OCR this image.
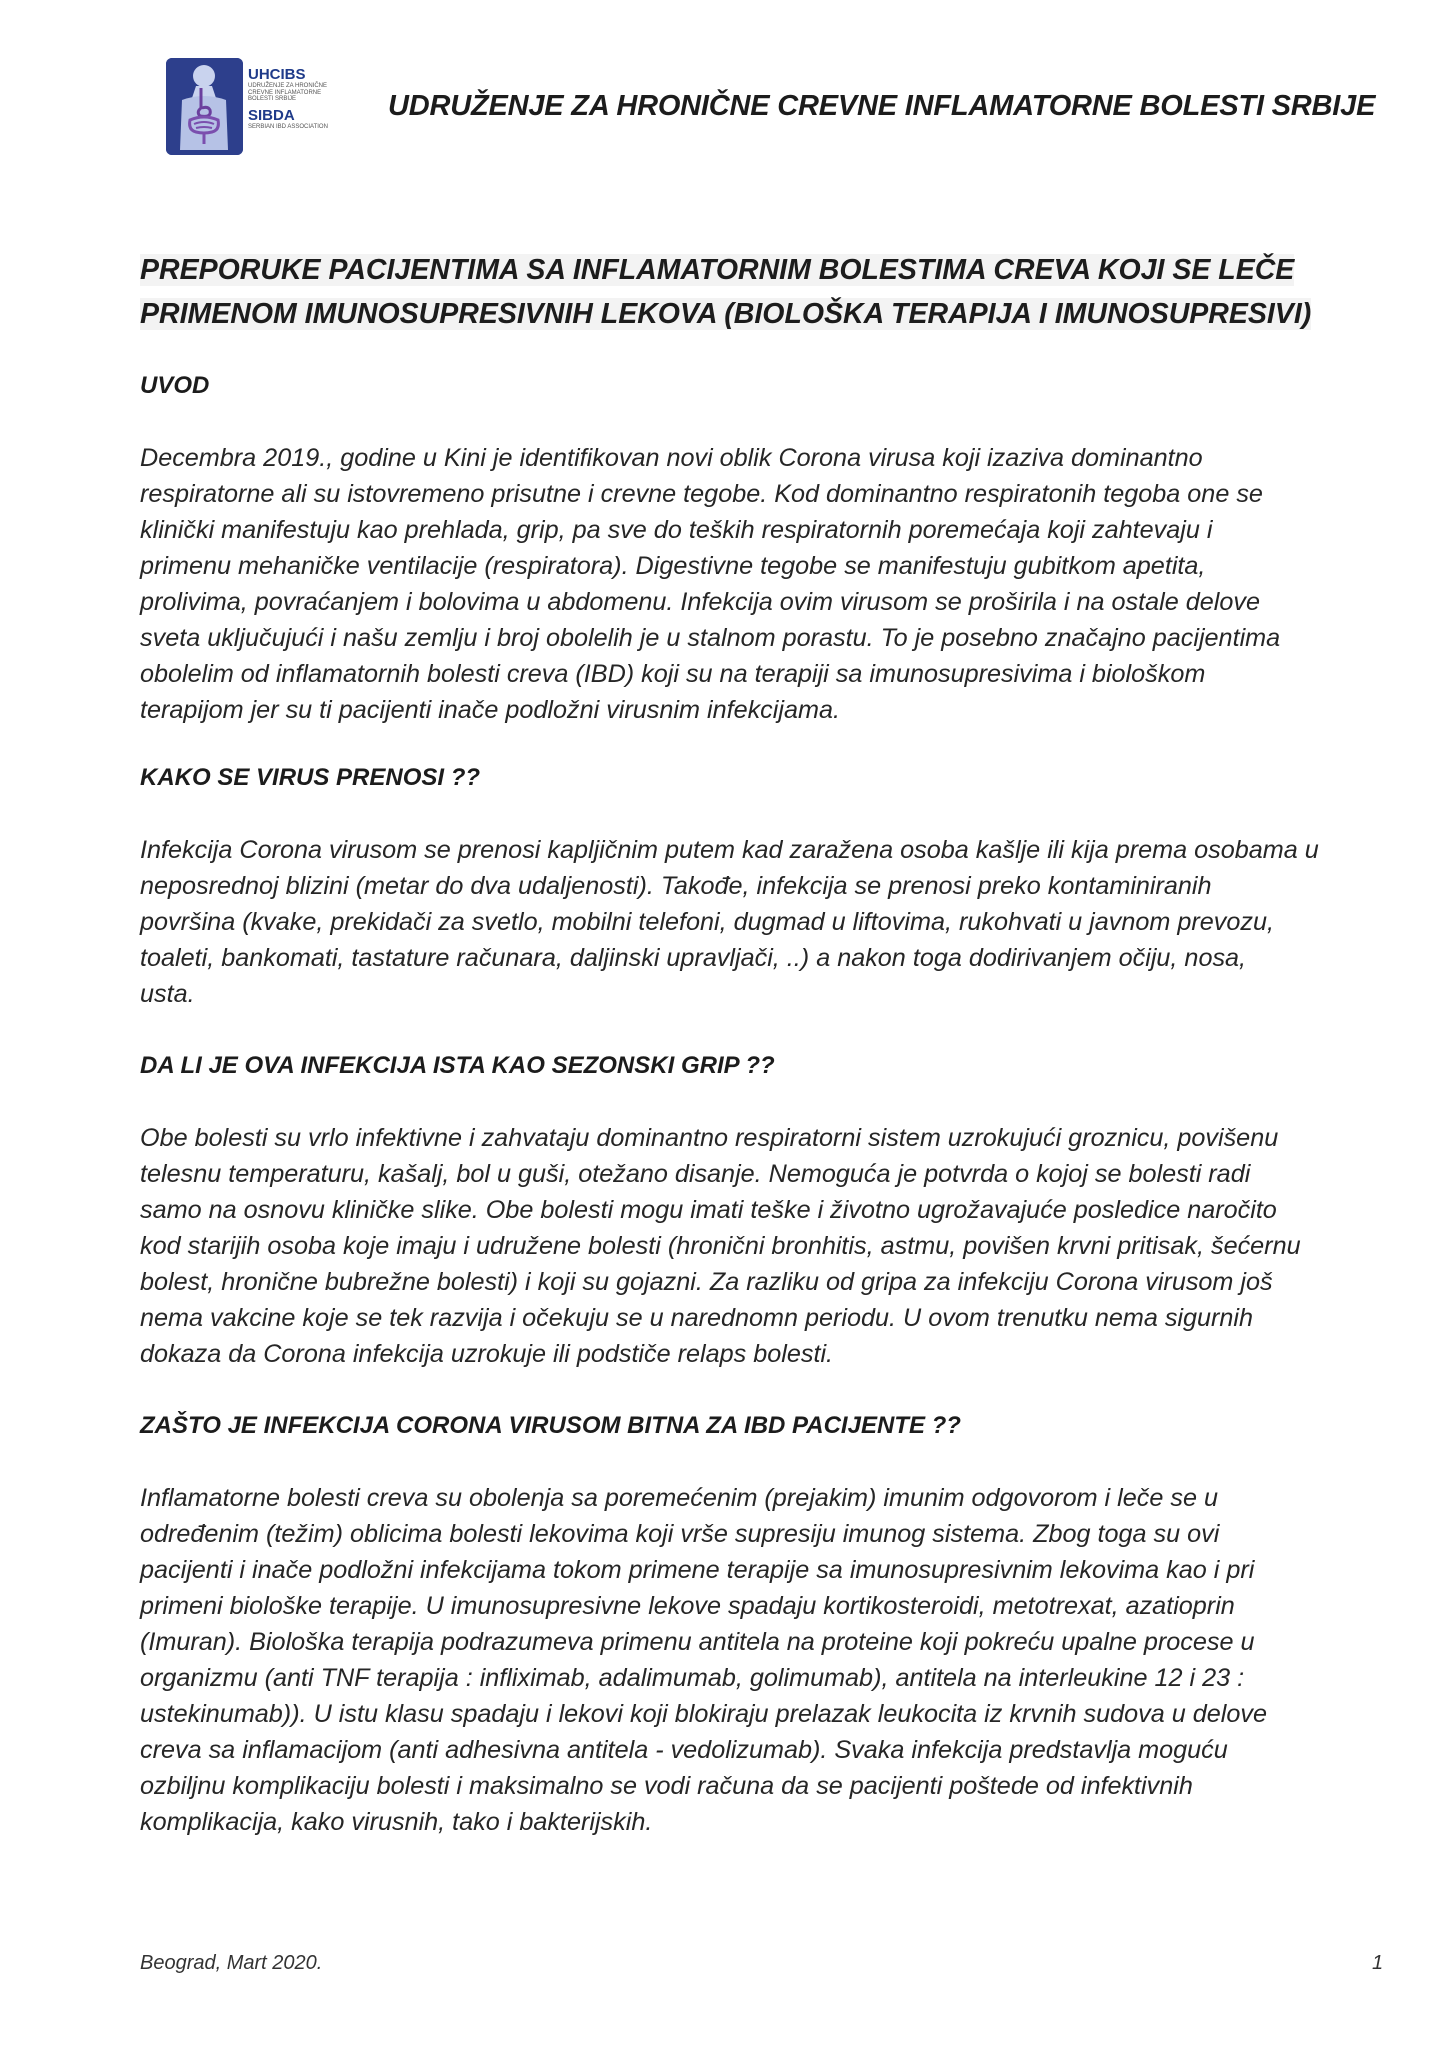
UHCIBS
UDRUŽENJE ZA HRONIČNE CREVNE INFLAMATORNE BOLESTI SRBIJE
SIBDA
SERBIAN IBD ASSOCIATION
UDRUŽENJE ZA HRONIČNE CREVNE INFLAMATORNE BOLESTI SRBIJE
PREPORUKE PACIJENTIMA SA INFLAMATORNIM BOLESTIMA CREVA KOJI SE LEČE
PRIMENOM IMUNOSUPRESIVNIH LEKOVA (BIOLOŠKA TERAPIJA I IMUNOSUPRESIVI)
UVOD
Decembra 2019., godine u Kini je identifikovan novi oblik Corona virusa koji izaziva dominantno
respiratorne ali su istovremeno prisutne i crevne tegobe. Kod dominantno respiratonih tegoba one se
klinički manifestuju kao prehlada, grip, pa sve do teških respiratornih poremećaja koji zahtevaju i
primenu mehaničke ventilacije (respiratora). Digestivne tegobe se manifestuju gubitkom apetita,
prolivima, povraćanjem i bolovima u abdomenu. Infekcija ovim virusom se proširila i na ostale delove
sveta uključujući i našu zemlju i broj obolelih je u stalnom porastu. To je posebno značajno pacijentima
obolelim od inflamatornih bolesti creva (IBD) koji su na terapiji sa imunosupresivima i biološkom
terapijom jer su ti pacijenti inače podložni virusnim infekcijama.
KAKO SE VIRUS PRENOSI ??
Infekcija Corona virusom se prenosi kapljičnim putem kad zaražena osoba kašlje ili kija prema osobama u
neposrednoj blizini (metar do dva udaljenosti). Takođe, infekcija se prenosi preko kontaminiranih
površina (kvake, prekidači za svetlo, mobilni telefoni, dugmad u liftovima, rukohvati u javnom prevozu,
toaleti, bankomati, tastature računara, daljinski upravljači, ..) a nakon toga dodirivanjem očiju, nosa,
usta.
DA LI JE OVA INFEKCIJA ISTA KAO SEZONSKI GRIP ??
Obe bolesti su vrlo infektivne i zahvataju dominantno respiratorni sistem uzrokujući groznicu, povišenu
telesnu temperaturu, kašalj, bol u guši, otežano disanje. Nemoguća je potvrda o kojoj se bolesti radi
samo na osnovu kliničke slike. Obe bolesti mogu imati teške i životno ugrožavajuće posledice naročito
kod starijih osoba koje imaju i udružene bolesti (hronični bronhitis, astmu, povišen krvni pritisak, šećernu
bolest, hronične bubrežne bolesti) i koji su gojazni. Za razliku od gripa za infekciju Corona virusom još
nema vakcine koje se tek razvija i očekuju se u narednomn periodu. U ovom trenutku nema sigurnih
dokaza da Corona infekcija uzrokuje ili podstiče relaps bolesti.
ZAŠTO JE INFEKCIJA CORONA VIRUSOM BITNA ZA IBD PACIJENTE ??
Inflamatorne bolesti creva su obolenja sa poremećenim (prejakim) imunim odgovorom i leče se u
određenim (težim) oblicima bolesti lekovima koji vrše supresiju imunog sistema. Zbog toga su ovi
pacijenti i inače podložni infekcijama tokom primene terapije sa imunosupresivnim lekovima kao i pri
primeni biološke terapije. U imunosupresivne lekove spadaju kortikosteroidi, metotrexat, azatioprin
(Imuran). Biološka terapija podrazumeva primenu antitela na proteine koji pokreću upalne procese u
organizmu (anti TNF terapija : infliximab, adalimumab, golimumab), antitela na interleukine 12 i 23 :
ustekinumab)). U istu klasu spadaju i lekovi koji blokiraju prelazak leukocita iz krvnih sudova u delove
creva sa inflamacijom (anti adhesivna antitela - vedolizumab). Svaka infekcija predstavlja moguću
ozbiljnu komplikaciju bolesti i maksimalno se vodi računa da se pacijenti poštede od infektivnih
komplikacija, kako virusnih, tako i bakterijskih.
Beograd, Mart 2020.	1
